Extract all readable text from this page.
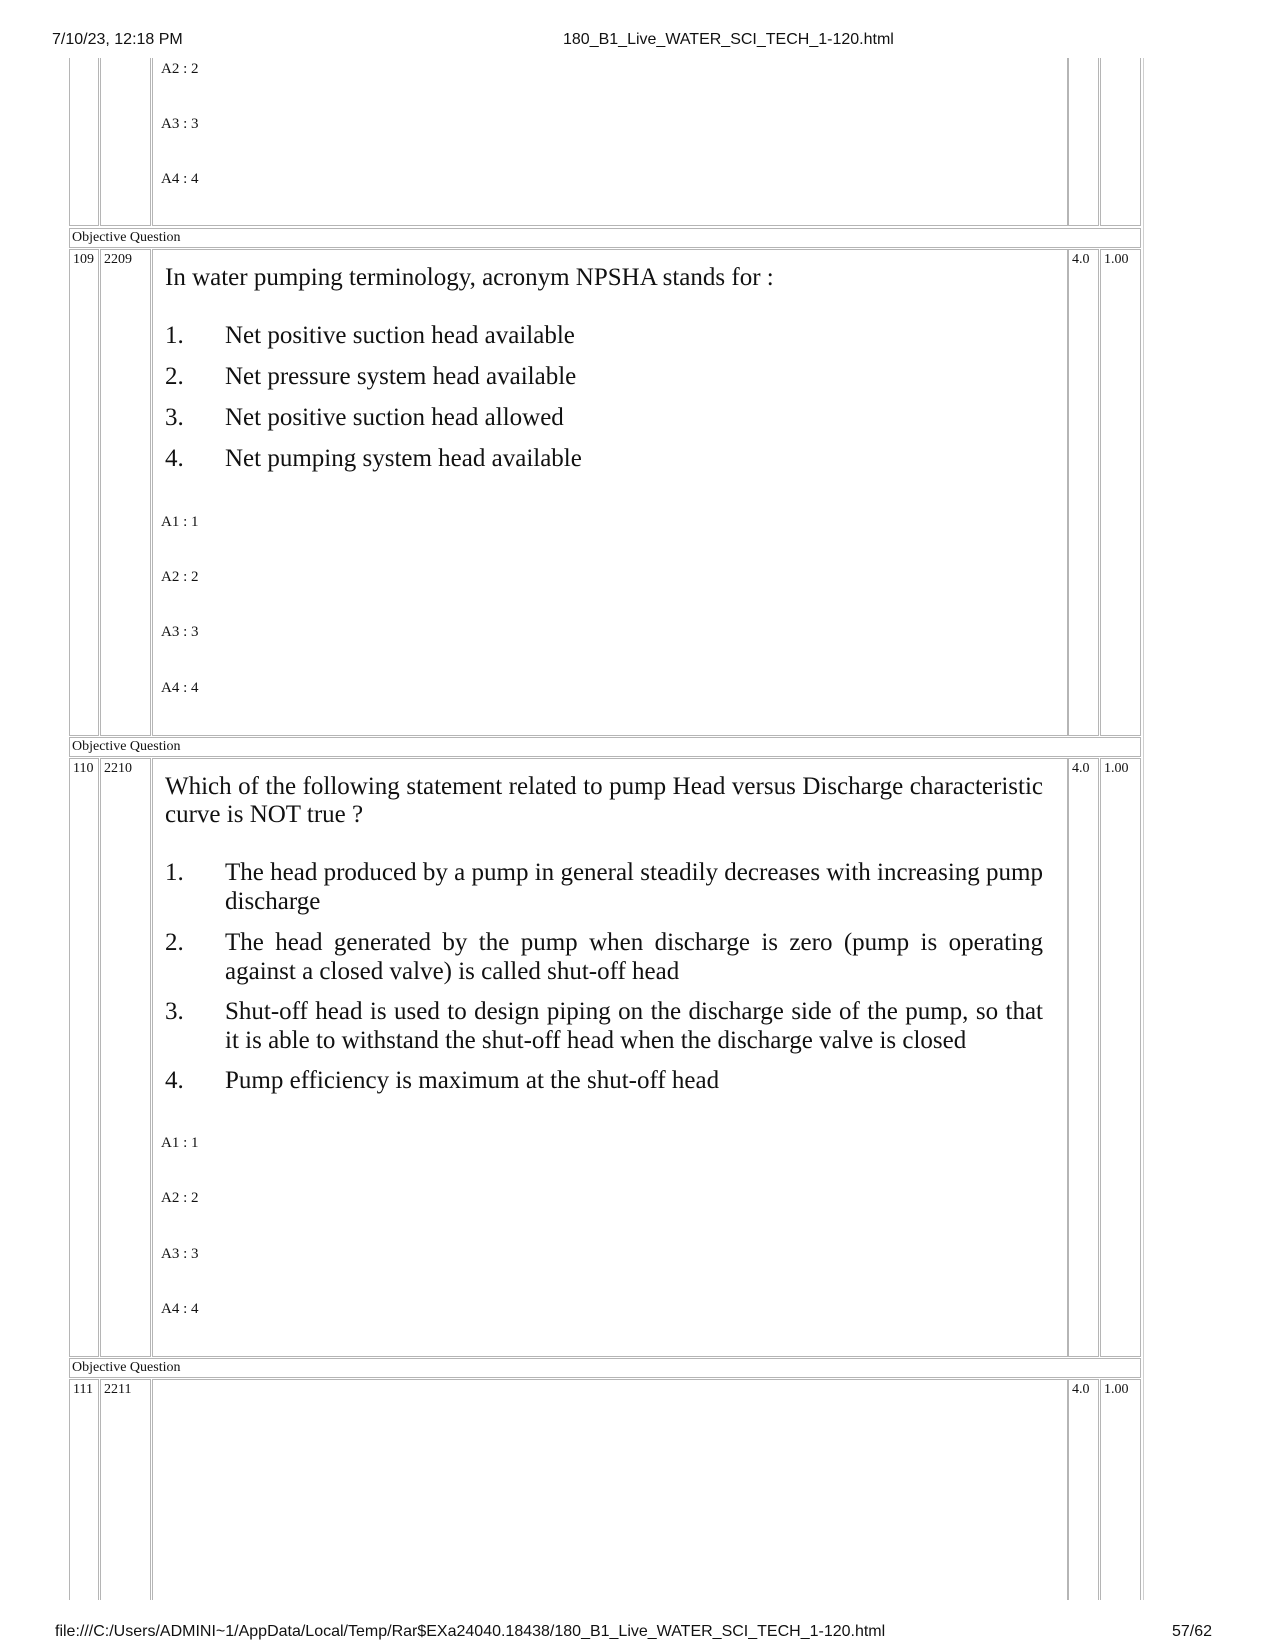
7/10/23, 12:18 PM	180_B1_Live_WATER_SCI_TECH_1-120.html
A2 : 2
A3 : 3
A4 : 4
Objective Question
109 2209
In water pumping terminology, acronym NPSHA stands for :
1. Net positive suction head available
2. Net pressure system head available
3. Net positive suction head allowed
4. Net pumping system head available
A1 : 1
A2 : 2
A3 : 3
A4 : 4
4.0 1.00
Objective Question
110 2210
Which of the following statement related to pump Head versus Discharge characteristic curve is NOT true ?
1. The head produced by a pump in general steadily decreases with increasing pump discharge
2. The head generated by the pump when discharge is zero (pump is operating against a closed valve) is called shut-off head
3. Shut-off head is used to design piping on the discharge side of the pump, so that it is able to withstand the shut-off head when the discharge valve is closed
4. Pump efficiency is maximum at the shut-off head
A1 : 1
A2 : 2
A3 : 3
A4 : 4
4.0 1.00
Objective Question
111 2211	4.0 1.00
file:///C:/Users/ADMINI~1/AppData/Local/Temp/Rar$EXa24040.18438/180_B1_Live_WATER_SCI_TECH_1-120.html	57/62
